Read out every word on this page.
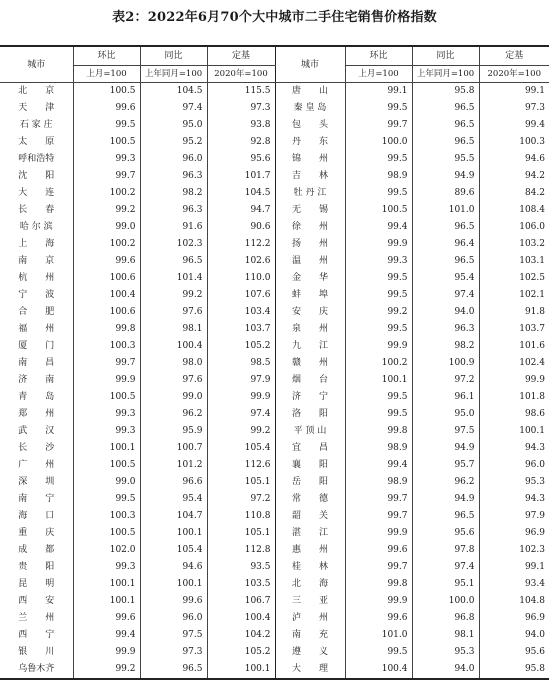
表2：2022年6月70个大中城市二手住宅销售价格指数
城市	环比	同比	定基	城市	环比	同比	定基
	上月=100	上年同月=100	2020年=100		上月=100	上年同月=100	2020年=100
北　　京	100.5	104.5	115.5	唐　　山	99.1	95.8	99.1
天　　津	99.6	97.4	97.3	秦 皇 岛	99.5	96.5	97.3
石 家 庄	99.5	95.0	93.8	包　　头	99.7	96.5	99.4
太　　原	100.5	95.2	92.8	丹　　东	100.0	96.5	100.3
呼和浩特	99.3	96.0	95.6	锦　　州	99.5	95.5	94.6
沈　　阳	99.7	96.3	101.7	吉　　林	98.9	94.9	94.2
大　　连	100.2	98.2	104.5	牡 丹 江	99.5	89.6	84.2
长　　春	99.2	96.3	94.7	无　　锡	100.5	101.0	108.4
哈 尔 滨	99.0	91.6	90.6	徐　　州	99.4	96.5	106.0
上　　海	100.2	102.3	112.2	扬　　州	99.9	96.4	103.2
南　　京	99.6	96.5	102.6	温　　州	99.3	96.5	103.1
杭　　州	100.6	101.4	110.0	金　　华	99.5	95.4	102.5
宁　　波	100.4	99.2	107.6	蚌　　埠	99.5	97.4	102.1
合　　肥	100.6	97.6	103.4	安　　庆	99.2	94.0	91.8
福　　州	99.8	98.1	103.7	泉　　州	99.5	96.3	103.7
厦　　门	100.3	100.4	105.2	九　　江	99.9	98.2	101.6
南　　昌	99.7	98.0	98.5	赣　　州	100.2	100.9	102.4
济　　南	99.9	97.6	97.9	烟　　台	100.1	97.2	99.9
青　　岛	100.5	99.0	99.9	济　　宁	99.5	96.1	101.8
郑　　州	99.3	96.2	97.4	洛　　阳	99.5	95.0	98.6
武　　汉	99.3	95.9	99.2	平 顶 山	99.8	97.5	100.1
长　　沙	100.1	100.7	105.4	宜　　昌	98.9	94.9	94.3
广　　州	100.5	101.2	112.6	襄　　阳	99.4	95.7	96.0
深　　圳	99.0	96.6	105.1	岳　　阳	98.9	96.2	95.3
南　　宁	99.5	95.4	97.2	常　　德	99.7	94.9	94.3
海　　口	100.3	104.7	110.8	韶　　关	99.7	96.5	97.9
重　　庆	100.5	100.1	105.1	湛　　江	99.9	95.6	96.9
成　　都	102.0	105.4	112.8	惠　　州	99.6	97.8	102.3
贵　　阳	99.3	94.6	93.5	桂　　林	99.7	97.4	99.1
昆　　明	100.1	100.1	103.5	北　　海	99.8	95.1	93.4
西　　安	100.1	99.6	106.7	三　　亚	99.9	100.0	104.8
兰　　州	99.6	96.0	100.4	泸　　州	99.6	96.8	96.9
西　　宁	99.4	97.5	104.2	南　　充	101.0	98.1	94.0
银　　川	99.9	97.3	105.2	遵　　义	99.5	95.3	95.6
乌鲁木齐	99.2	96.5	100.1	大　　理	100.4	94.0	95.8
